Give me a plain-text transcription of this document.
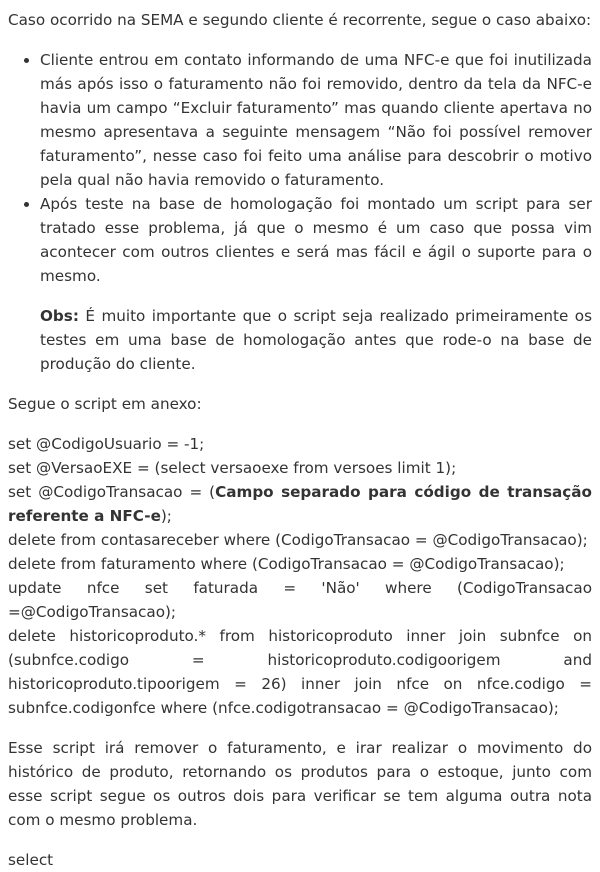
Caso ocorrido na SEMA e segundo cliente é recorrente, segue o caso abaixo:

• Cliente entrou em contato informando de uma NFC-e que foi inutilizada más após isso o faturamento não foi removido, dentro da tela da NFC-e havia um campo “Excluir faturamento” mas quando cliente apertava no mesmo apresentava a seguinte mensagem “Não foi possível remover faturamento”, nesse caso foi feito uma análise para descobrir o motivo pela qual não havia removido o faturamento.
• Após teste na base de homologação foi montado um script para ser tratado esse problema, já que o mesmo é um caso que possa vim acontecer com outros clientes e será mas fácil e ágil o suporte para o mesmo.
Obs: É muito importante que o script seja realizado primeiramente os testes em uma base de homologação antes que rode-o na base de produção do cliente.

Segue o script em anexo:

set @CodigoUsuario = -1;
set @VersaoEXE = (select versaoexe from versoes limit 1);
set @CodigoTransacao = (Campo separado para código de transação referente a NFC-e);
delete from contasareceber where (CodigoTransacao = @CodigoTransacao);
delete from faturamento where (CodigoTransacao = @CodigoTransacao);
update nfce set faturada = 'Não' where (CodigoTransacao =@CodigoTransacao);
delete historicoproduto.* from historicoproduto inner join subnfce on (subnfce.codigo = historicoproduto.codigoorigem and historicoproduto.tipoorigem = 26) inner join nfce on nfce.codigo = subnfce.codigonfce where (nfce.codigotransacao = @CodigoTransacao);

Esse script irá remover o faturamento, e irar realizar o movimento do histórico de produto, retornando os produtos para o estoque, junto com esse script segue os outros dois para verificar se tem alguma outra nota com o mesmo problema.

select
